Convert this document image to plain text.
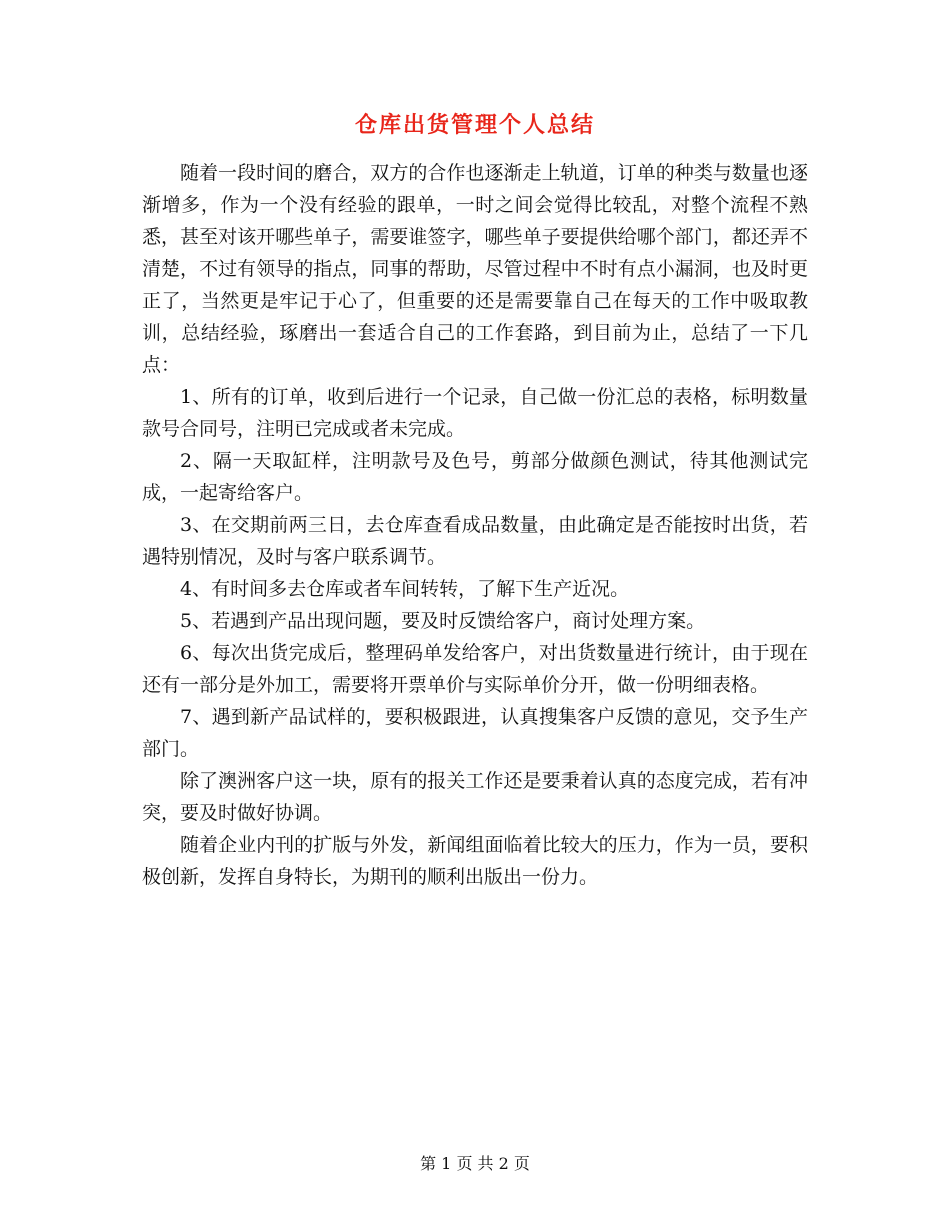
仓库出货管理个人总结

随着一段时间的磨合，双方的合作也逐渐走上轨道，订单的种类与数量也逐渐增多，作为一个没有经验的跟单，一时之间会觉得比较乱，对整个流程不熟悉，甚至对该开哪些单子，需要谁签字，哪些单子要提供给哪个部门，都还弄不清楚，不过有领导的指点，同事的帮助，尽管过程中不时有点小漏洞，也及时更正了，当然更是牢记于心了，但重要的还是需要靠自己在每天的工作中吸取教训，总结经验，琢磨出一套适合自己的工作套路，到目前为止，总结了一下几点：

1、所有的订单，收到后进行一个记录，自己做一份汇总的表格，标明数量款号合同号，注明已完成或者未完成。

2、隔一天取缸样，注明款号及色号，剪部分做颜色测试，待其他测试完成，一起寄给客户。

3、在交期前两三日，去仓库查看成品数量，由此确定是否能按时出货，若遇特别情况，及时与客户联系调节。

4、有时间多去仓库或者车间转转，了解下生产近况。

5、若遇到产品出现问题，要及时反馈给客户，商讨处理方案。

6、每次出货完成后，整理码单发给客户，对出货数量进行统计，由于现在还有一部分是外加工，需要将开票单价与实际单价分开，做一份明细表格。

7、遇到新产品试样的，要积极跟进，认真搜集客户反馈的意见，交予生产部门。

除了澳洲客户这一块，原有的报关工作还是要秉着认真的态度完成，若有冲突，要及时做好协调。

随着企业内刊的扩版与外发，新闻组面临着比较大的压力，作为一员，要积极创新，发挥自身特长，为期刊的顺利出版出一份力。

第 1 页 共 2 页
